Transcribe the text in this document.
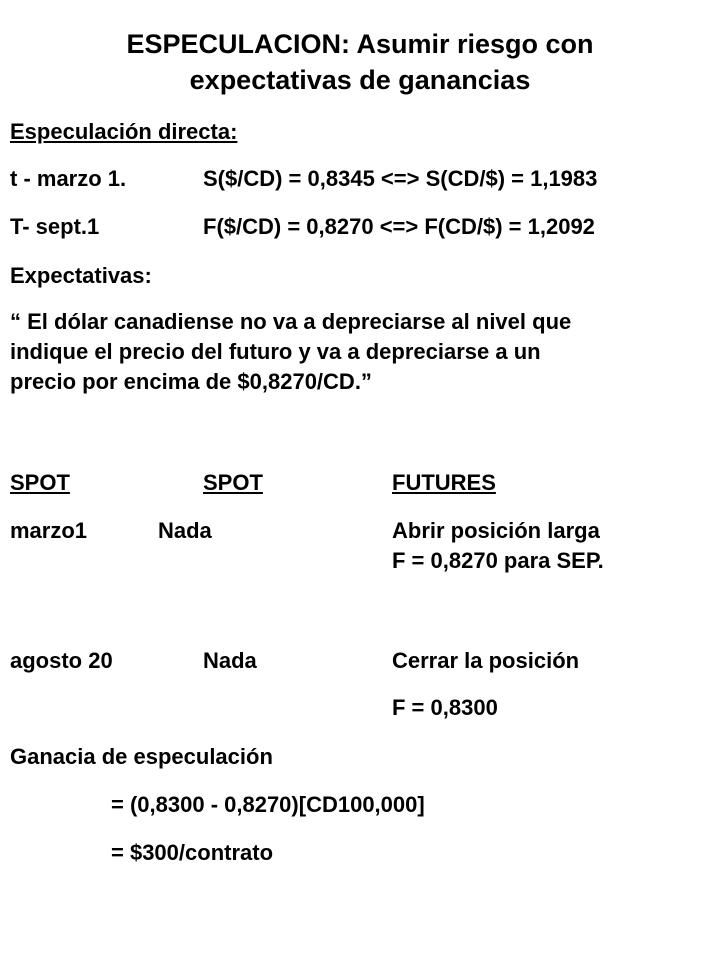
ESPECULACION: Asumir riesgo con
expectativas de ganancias
Especulación directa:
t - marzo 1.	S($/CD) = 0,8345 <=> S(CD/$) = 1,1983
T- sept.1	F($/CD) = 0,8270 <=> F(CD/$) = 1,2092
Expectativas:
“ El dólar canadiense no va a depreciarse al nivel que
indique el precio del futuro y va a depreciarse a un
precio por encima de $0,8270/CD.”
SPOT	SPOT	FUTURES
marzo1	Nada	Abrir posición larga
F = 0,8270 para SEP.
agosto 20	Nada	Cerrar la posición
F = 0,8300
Ganacia de especulación
= (0,8300 - 0,8270)[CD100,000]
= $300/contrato
